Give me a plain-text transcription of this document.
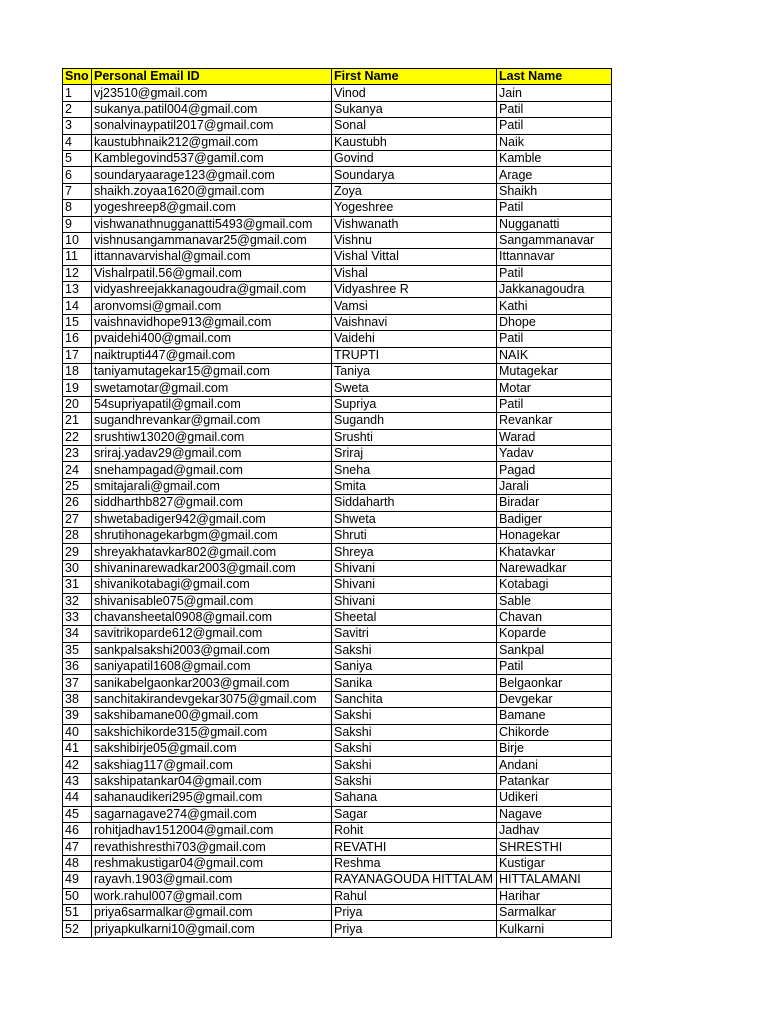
Sno	Personal Email ID	First Name	Last Name
1	vj23510@gmail.com	Vinod	Jain
2	sukanya.patil004@gmail.com	Sukanya	Patil
3	sonalvinaypatil2017@gmail.com	Sonal	Patil
4	kaustubhnaik212@gmail.com	Kaustubh	Naik
5	Kamblegovind537@gamil.com	Govind	Kamble
6	soundaryaarage123@gmail.com	Soundarya	Arage
7	shaikh.zoyaa1620@gmail.com	Zoya	Shaikh
8	yogeshreep8@gmail.com	Yogeshree	Patil
9	vishwanathnugganatti5493@gmail.com	Vishwanath	Nugganatti
10	vishnusangammanavar25@gmail.com	Vishnu	Sangammanavar
11	ittannavarvishal@gmail.com	Vishal Vittal	Ittannavar
12	Vishalrpatil.56@gmail.com	Vishal	Patil
13	vidyashreejakkanagoudra@gmail.com	Vidyashree R	Jakkanagoudra
14	aronvomsi@gmail.com	Vamsi	Kathi
15	vaishnavidhope913@gmail.com	Vaishnavi	Dhope
16	pvaidehi400@gmail.com	Vaidehi	Patil
17	naiktrupti447@gmail.com	TRUPTI	NAIK
18	taniyamutagekar15@gmail.com	Taniya	Mutagekar
19	swetamotar@gmail.com	Sweta	Motar
20	54supriyapatil@gmail.com	Supriya	Patil
21	sugandhrevankar@gmail.com	Sugandh	Revankar
22	srushtiw13020@gmail.com	Srushti	Warad
23	sriraj.yadav29@gmail.com	Sriraj	Yadav
24	snehampagad@gmail.com	Sneha	Pagad
25	smitajarali@gmail.com	Smita	Jarali
26	siddharthb827@gmail.com	Siddaharth	Biradar
27	shwetabadiger942@gmail.com	Shweta	Badiger
28	shrutihonagekarbgm@gmail.com	Shruti	Honagekar
29	shreyakhatavkar802@gmail.com	Shreya	Khatavkar
30	shivaninarewadkar2003@gmail.com	Shivani	Narewadkar
31	shivanikotabagi@gmail.com	Shivani	Kotabagi
32	shivanisable075@gmail.com	Shivani	Sable
33	chavansheetal0908@gmail.com	Sheetal	Chavan
34	savitrikoparde612@gmail.com	Savitri	Koparde
35	sankpalsakshi2003@gmail.com	Sakshi	Sankpal
36	saniyapatil1608@gmail.com	Saniya	Patil
37	sanikabelgaonkar2003@gmail.com	Sanika	Belgaonkar
38	sanchitakirandevgekar3075@gmail.com	Sanchita	Devgekar
39	sakshibamane00@gmail.com	Sakshi	Bamane
40	sakshichikorde315@gmail.com	Sakshi	Chikorde
41	sakshibirje05@gmail.com	Sakshi	Birje
42	sakshiag117@gmail.com	Sakshi	Andani
43	sakshipatankar04@gmail.com	Sakshi	Patankar
44	sahanaudikeri295@gmail.com	Sahana	Udikeri
45	sagarnagave274@gmail.com	Sagar	Nagave
46	rohitjadhav1512004@gmail.com	Rohit	Jadhav
47	revathishresthi703@gmail.com	REVATHI	SHRESTHI
48	reshmakustigar04@gmail.com	Reshma	Kustigar
49	rayavh.1903@gmail.com	RAYANAGOUDA HITTALAM	HITTALAMANI
50	work.rahul007@gmail.com	Rahul	Harihar
51	priya6sarmalkar@gmail.com	Priya	Sarmalkar
52	priyapkulkarni10@gmail.com	Priya	Kulkarni
